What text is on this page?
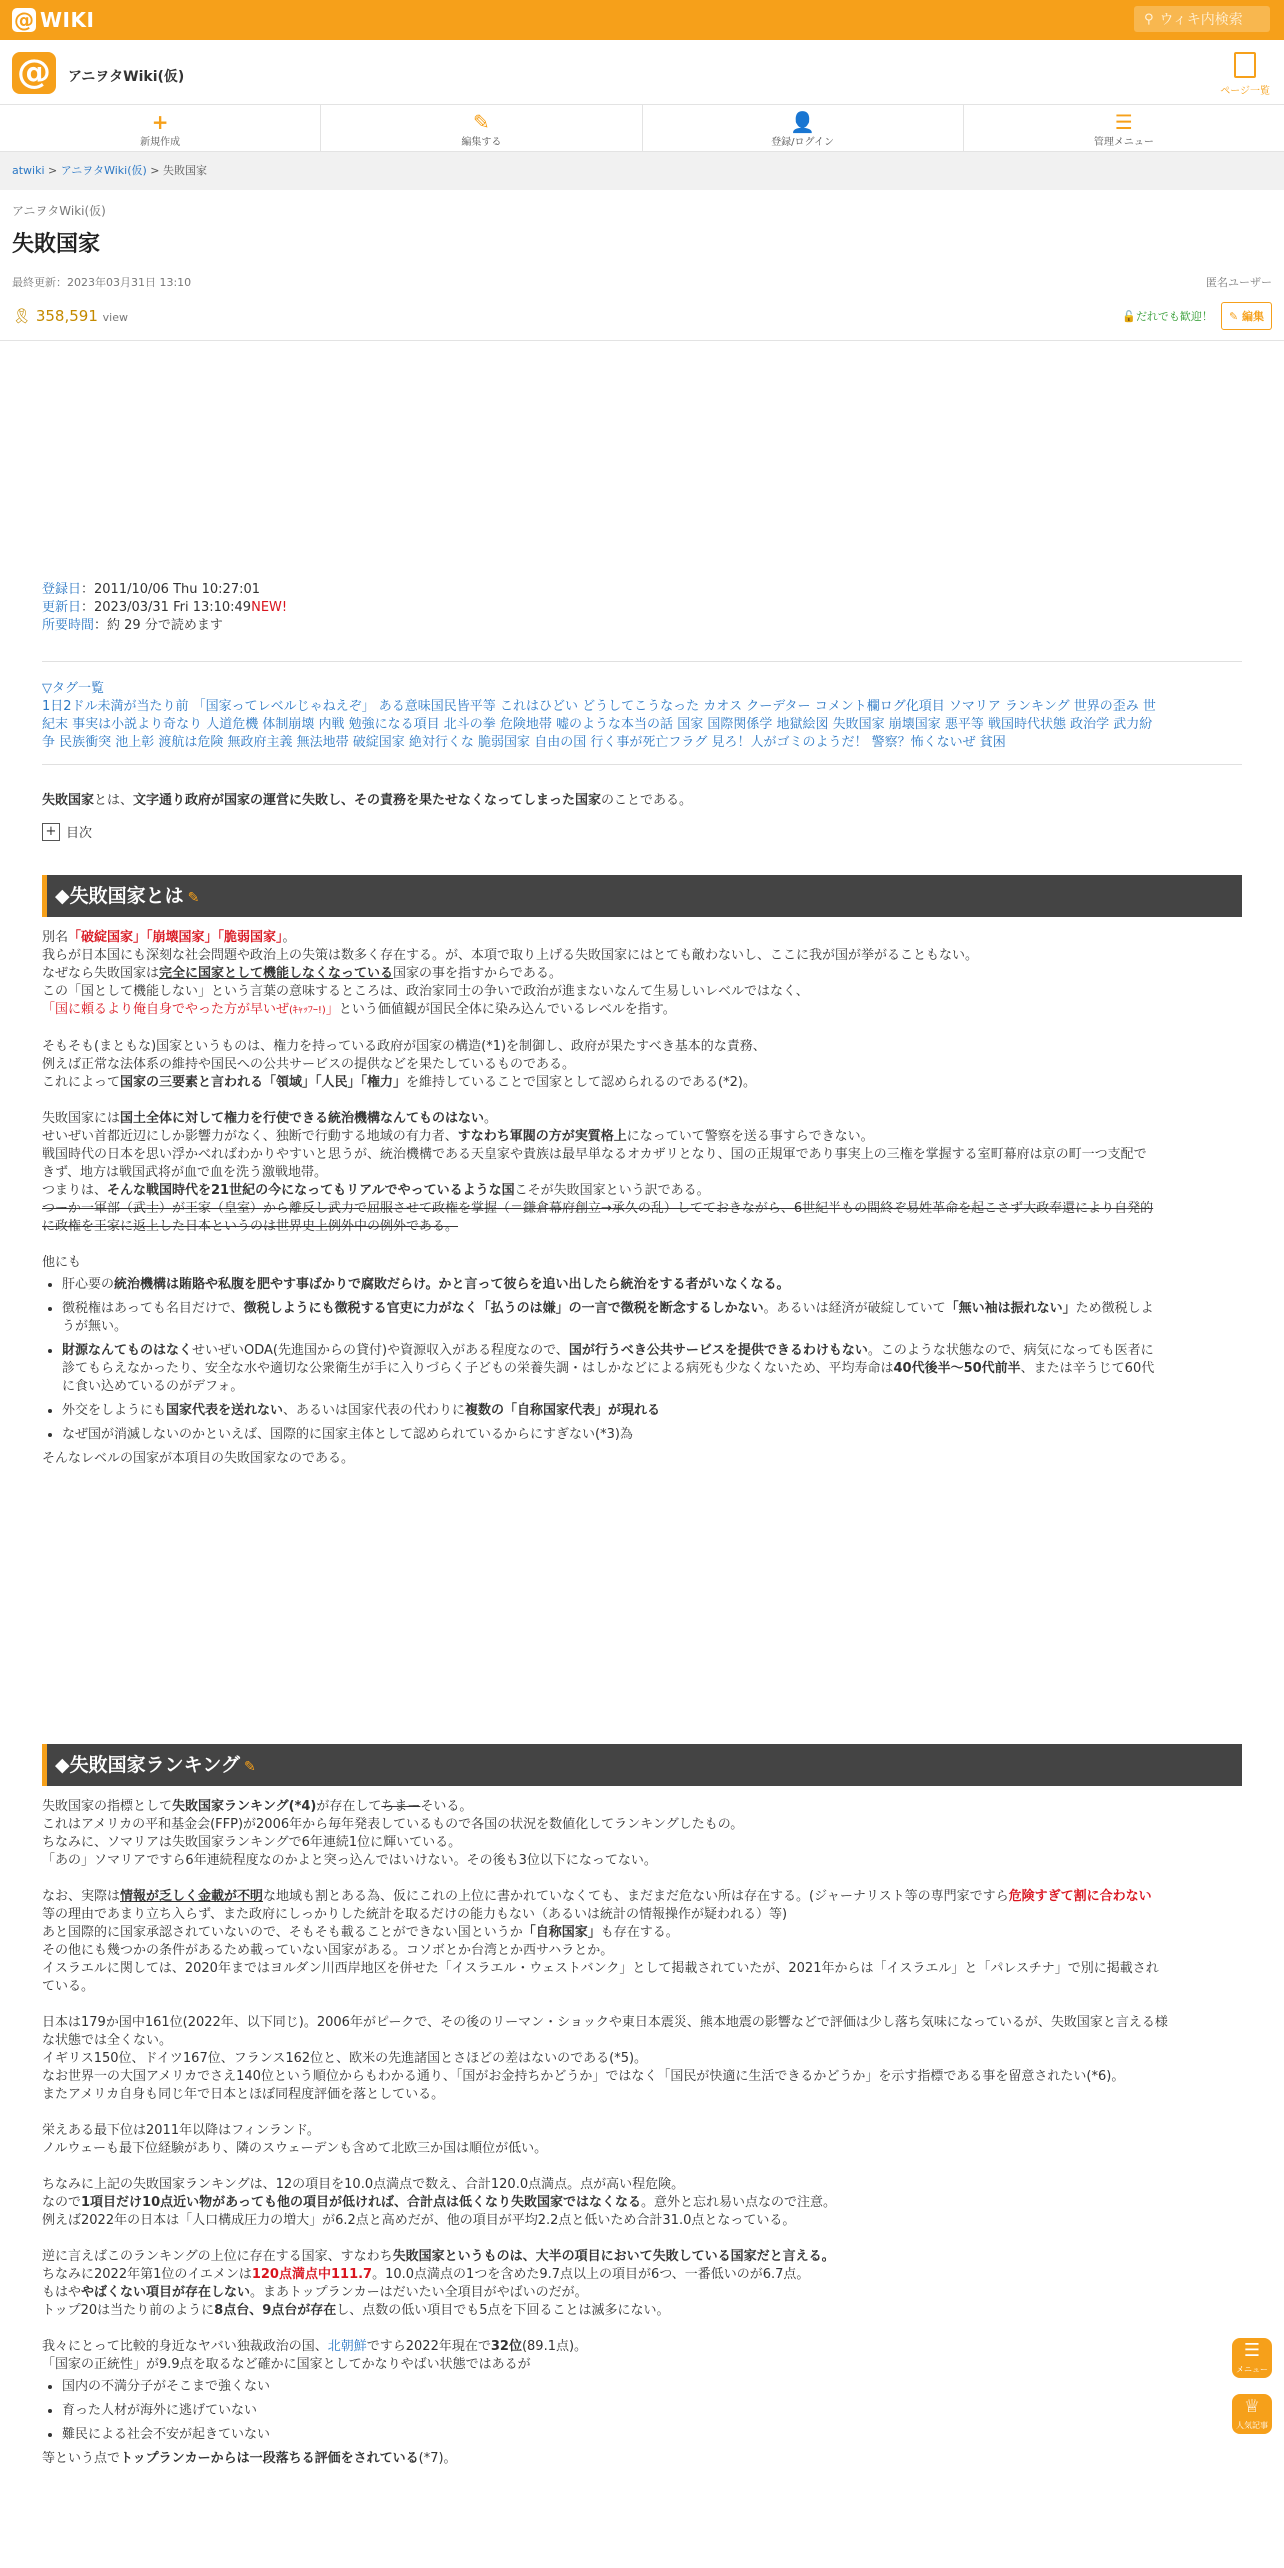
@ WIKI	⚲ ウィキ内検索
@	アニヲタWiki(仮)
ページ一覧
+
新規作成
✎
編集する
👤
登録/ログイン
☰
管理メニュー
atwiki > アニヲタWiki(仮) > 失敗国家
アニヲタWiki(仮)
失敗国家
最終更新：2023年03月31日 13:10	匿名ユーザー
🎗 358,591 view	🔓だれでも歓迎！	✎ 編集
登録日：2011/10/06 Thu 10:27:01
更新日：2023/03/31 Fri 13:10:49NEW!
所要時間：約 29 分で読めます
▽タグ一覧
1日2ドル未満が当たり前 「国家ってレベルじゃねえぞ」 ある意味国民皆平等 これはひどい どうしてこうなった カオス クーデター コメント欄ログ化項目 ソマリア ランキング 世界の歪み 世
紀末 事実は小説より奇なり 人道危機 体制崩壊 内戦 勉強になる項目 北斗の拳 危険地帯 嘘のような本当の話 国家 国際関係学 地獄絵図 失敗国家 崩壊国家 悪平等 戦国時代状態 政治学 武力紛
争 民族衝突 池上彰 渡航は危険 無政府主義 無法地帯 破綻国家 絶対行くな 脆弱国家 自由の国 行く事が死亡フラグ 見ろ！人がゴミのようだ！ 警察？怖くないぜ 貧困
失敗国家とは、文字通り政府が国家の運営に失敗し、その責務を果たせなくなってしまった国家のことである。
+ 目次
◆失敗国家とは ✎

別名「破綻国家」「崩壊国家」「脆弱国家」。

我らが日本国にも深刻な社会問題や政治上の失策は数多く存在する。が、本項で取り上げる失敗国家にはとても敵わないし、ここに我が国が挙がることもない。

なぜなら失敗国家は完全に国家として機能しなくなっている国家の事を指すからである。

この「国として機能しない」という言葉の意味するところは、政治家同士の争いで政治が進まないなんて生易しいレベルではなく、

「国に頼るより俺自身でやった方が早いぜ(ｷｬｯﾌｰ!)」という価値観が国民全体に染み込んでいるレベルを指す。

そもそも(まともな)国家というものは、権力を持っている政府が国家の構造(*1)を制御し、政府が果たすべき基本的な責務、

例えば正常な法体系の維持や国民への公共サービスの提供などを果たしているものである。

これによって国家の三要素と言われる「領域」「人民」「権力」を維持していることで国家として認められるのである(*2)。

失敗国家には国土全体に対して権力を行使できる統治機構なんてものはない。

せいぜい首都近辺にしか影響力がなく、独断で行動する地域の有力者、すなわち軍閥の方が実質格上になっていて警察を送る事すらできない。

戦国時代の日本を思い浮かべればわかりやすいと思うが、統治機構である天皇家や貴族は最早単なるオカザリとなり、国の正規軍であり事実上の三権を掌握する室町幕府は京の町一つ支配で

きず、地方は戦国武将が血で血を洗う激戦地帯。

つまりは、そんな戦国時代を21世紀の今になってもリアルでやっているような国こそが失敗国家という訳である。

つーか一軍部（武士）が王家（皇室）から離反し武力で屈服させて政権を掌握（＝鎌倉幕府創立→承久の乱）してておきながら、6世紀半もの間終ぞ易姓革命を起こさず大政奉還により自発的

に政権を王家に返上した日本というのは世界史上例外中の例外である。

他にも

• 肝心要の統治機構は賄賂や私腹を肥やす事ばかりで腐敗だらけ。かと言って彼らを追い出したら統治をする者がいなくなる。
• 徴税権はあっても名目だけで、徴税しようにも徴税する官吏に力がなく「払うのは嫌」の一言で徴税を断念するしかない。あるいは経済が破綻していて「無い袖は振れない」ため徴税しよ
うが無い。
• 財源なんてものはなくせいぜいODA(先進国からの貸付)や資源収入がある程度なので、国が行うべき公共サービスを提供できるわけもない。このような状態なので、病気になっても医者に
診てもらえなかったり、安全な水や適切な公衆衛生が手に入りづらく子どもの栄養失調・はしかなどによる病死も少なくないため、平均寿命は40代後半〜50代前半、または辛うじて60代
に食い込めているのがデフォ。
• 外交をしようにも国家代表を送れない、あるいは国家代表の代わりに複数の「自称国家代表」が現れる
• なぜ国が消滅しないのかといえば、国際的に国家主体として認められているからにすぎない(*3)為

そんなレベルの国家が本項目の失敗国家なのである。

◆失敗国家ランキング ✎

失敗国家の指標として失敗国家ランキング(*4)が存在してちまーそいる。

これはアメリカの平和基金会(FFP)が2006年から毎年発表しているもので各国の状況を数値化してランキングしたもの。

ちなみに、ソマリアは失敗国家ランキングで6年連続1位に輝いている。

「あの」ソマリアですら6年連続程度なのかよと突っ込んではいけない。その後も3位以下になってない。

なお、実際は情報が乏しく金載が不明な地域も割とある為、仮にこれの上位に書かれていなくても、まだまだ危ない所は存在する。(ジャーナリスト等の専門家ですら危険すぎて割に合わない

等の理由であまり立ち入らず、また政府にしっかりした統計を取るだけの能力もない（あるいは統計の情報操作が疑われる）等)

あと国際的に国家承認されていないので、そもそも載ることができない国というか「自称国家」も存在する。

その他にも幾つかの条件があるため載っていない国家がある。コソボとか台湾とか西サハラとか。

イスラエルに関しては、2020年まではヨルダン川西岸地区を併せた「イスラエル・ウェストバンク」として掲載されていたが、2021年からは「イスラエル」と「パレスチナ」で別に掲載され

ている。

日本は179か国中161位(2022年、以下同じ)。2006年がピークで、その後のリーマン・ショックや東日本震災、熊本地震の影響などで評価は少し落ち気味になっているが、失敗国家と言える様

な状態では全くない。

イギリス150位、ドイツ167位、フランス162位と、欧米の先進諸国とさほどの差はないのである(*5)。

なお世界一の大国アメリカでさえ140位という順位からもわかる通り、「国がお金持ちかどうか」ではなく「国民が快適に生活できるかどうか」を示す指標である事を留意されたい(*6)。

またアメリカ自身も同じ年で日本とほぼ同程度評価を落としている。

栄えある最下位は2011年以降はフィンランド。

ノルウェーも最下位経験があり、隣のスウェーデンも含めて北欧三か国は順位が低い。

ちなみに上記の失敗国家ランキングは、12の項目を10.0点満点で数え、合計120.0点満点。点が高い程危険。

なので1項目だけ10点近い物があっても他の項目が低ければ、合計点は低くなり失敗国家ではなくなる。意外と忘れ易い点なので注意。

例えば2022年の日本は「人口構成圧力の増大」が6.2点と高めだが、他の項目が平均2.2点と低いため合計31.0点となっている。

逆に言えばこのランキングの上位に存在する国家、すなわち失敗国家というものは、大半の項目において失敗している国家だと言える。

ちなみに2022年第1位のイエメンは120点満点中111.7。10.0点満点の1つを含めた9.7点以上の項目が6つ、一番低いのが6.7点。

もはややばくない項目が存在しない。まあトップランカーはだいたい全項目がやばいのだが。

トップ20は当たり前のように8点台、9点台が存在し、点数の低い項目でも5点を下回ることは滅多にない。

我々にとって比較的身近なヤバい独裁政治の国、北朝鮮ですら2022年現在で32位(89.1点)。

「国家の正統性」が9.9点を取るなど確かに国家としてかなりやばい状態ではあるが

• 国内の不満分子がそこまで強くない
• 育った人材が海外に逃げていない
• 難民による社会不安が起きていない

等という点でトップランカーからは一段落ちる評価をされている(*7)。

☰
メニュー
♕
人気記事
